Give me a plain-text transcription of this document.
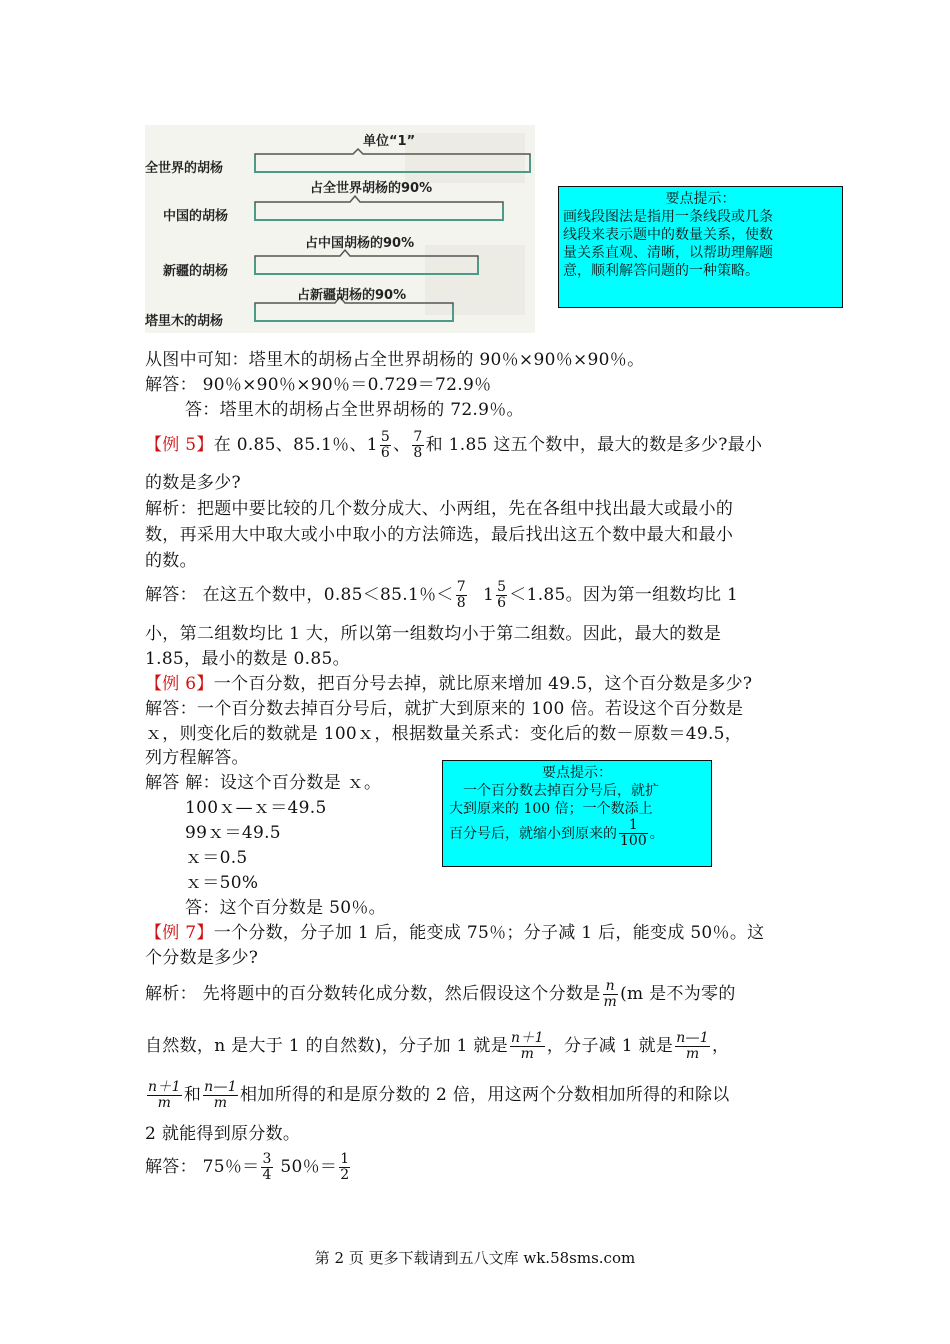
单位“1”
全世界的胡杨
占全世界胡杨的90%
中国的胡杨
占中国胡杨的90%
新疆的胡杨
占新疆胡杨的90%
塔里木的胡杨
要点提示：
画线段图法是指用一条线段或几条
线段来表示题中的数量关系，使数
量关系直观、清晰，以帮助理解题
意，顺利解答问题的一种策略。
从图中可知：塔里木的胡杨占全世界胡杨的 90％×90％×90％。
解答： 90％×90％×90％＝0.729＝72.9％
答：塔里木的胡杨占全世界胡杨的 72.9％。
【例 5】在 0.85、85.1％、 $1 \frac{5}{6}$ 、 $\frac{7}{8}$ 和 1.85 这五个数中，最大的数是多少?最小
的数是多少?
解析：把题中要比较的几个数分成大、小两组，先在各组中找出最大或最小的
数，再采用大中取大或小中取小的方法筛选，最后找出这五个数中最大和最小
的数。
解答： 在这五个数中，0.85＜85.1％＜ $\frac{7}{8} 1 \frac{5}{6} <1.85$。因为第一组数均比 1
小，第二组数均比 1 大，所以第一组数均小于第二组数。因此，最大的数是
1.85，最小的数是 0.85。
【例 6】一个百分数，把百分号去掉，就比原来增加 49.5，这个百分数是多少?
解答：一个百分数去掉百分号后，就扩大到原来的 100 倍。若设这个百分数是
ｘ，则变化后的数就是 100ｘ，根据数量关系式：变化后的数－原数＝49.5，
列方程解答。
解答 解：设这个百分数是 ｘ。
100ｘ—ｘ＝49.5
99ｘ＝49.5
ｘ＝0.5
ｘ＝50%
答：这个百分数是 50％。
要点提示：
一个百分数去掉百分号后，就扩
大到原来的 100 倍；一个数添上
百分号后，就缩小到原来的 $\frac{1}{100}$ 。
【例 7】一个分数，分子加 1 后，能变成 75％；分子减 1 后，能变成 50％。这
个分数是多少?
解析： 先将题中的百分数转化成分数，然后假设这个分数是 $\frac{n}{m} (m$ 是不为零的
自然数，n 是大于 1 的自然数)，分子加 1 就是 $\frac{n+1}{m}$ ，分子减 1 就是 $\frac{n—1}{m}$ ，
$\frac{n+1}{m}$ 和 $\frac{n—1}{m}$ 相加所得的和是原分数的 2 倍，用这两个分数相加所得的和除以
2 就能得到原分数。
解答： 75％＝ $\frac{3}{4} 50$％＝ $\frac{1}{2}$
第 2 页 更多下载请到五八文库 wk.58sms.com
